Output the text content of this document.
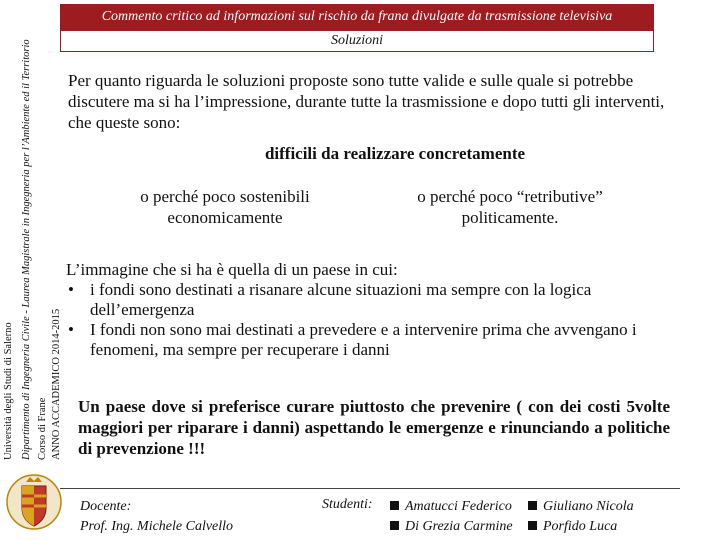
Università degli Studi di Salerno Dipartimento di Ingegneria Civile - Laurea Magistrale in Ingegneria per l’Ambiente ed il Territorio Corso di Frane ANNO ACCADEMICO 2014-2015
Commento critico ad informazioni sul rischio da frana divulgate da trasmissione televisiva
Soluzioni
Per quanto riguarda le soluzioni proposte sono tutte valide e sulle quale si potrebbe discutere ma si ha l’impressione, durante tutte la trasmissione e dopo tutti gli interventi, che queste sono:
difficili da realizzare concretamente
o perché poco sostenibili economicamente
o perché poco “retributive” politicamente.
L’immagine che si ha è quella di un paese in cui:
• i fondi sono destinati a risanare alcune situazioni ma sempre con la logica dell’emergenza
• I fondi non sono mai destinati a prevedere e a intervenire prima che avvengano i fenomeni, ma sempre per recuperare i danni
Un paese dove si preferisce curare piuttosto che prevenire ( con dei costi 5volte maggiori per riparare i danni) aspettando le emergenze e rinunciando a politiche di prevenzione !!!
Docente:
Prof. Ing. Michele Calvello
Studenti:	Amatucci Federico	Giuliano Nicola
Di Grezia Carmine	Porfido Luca
